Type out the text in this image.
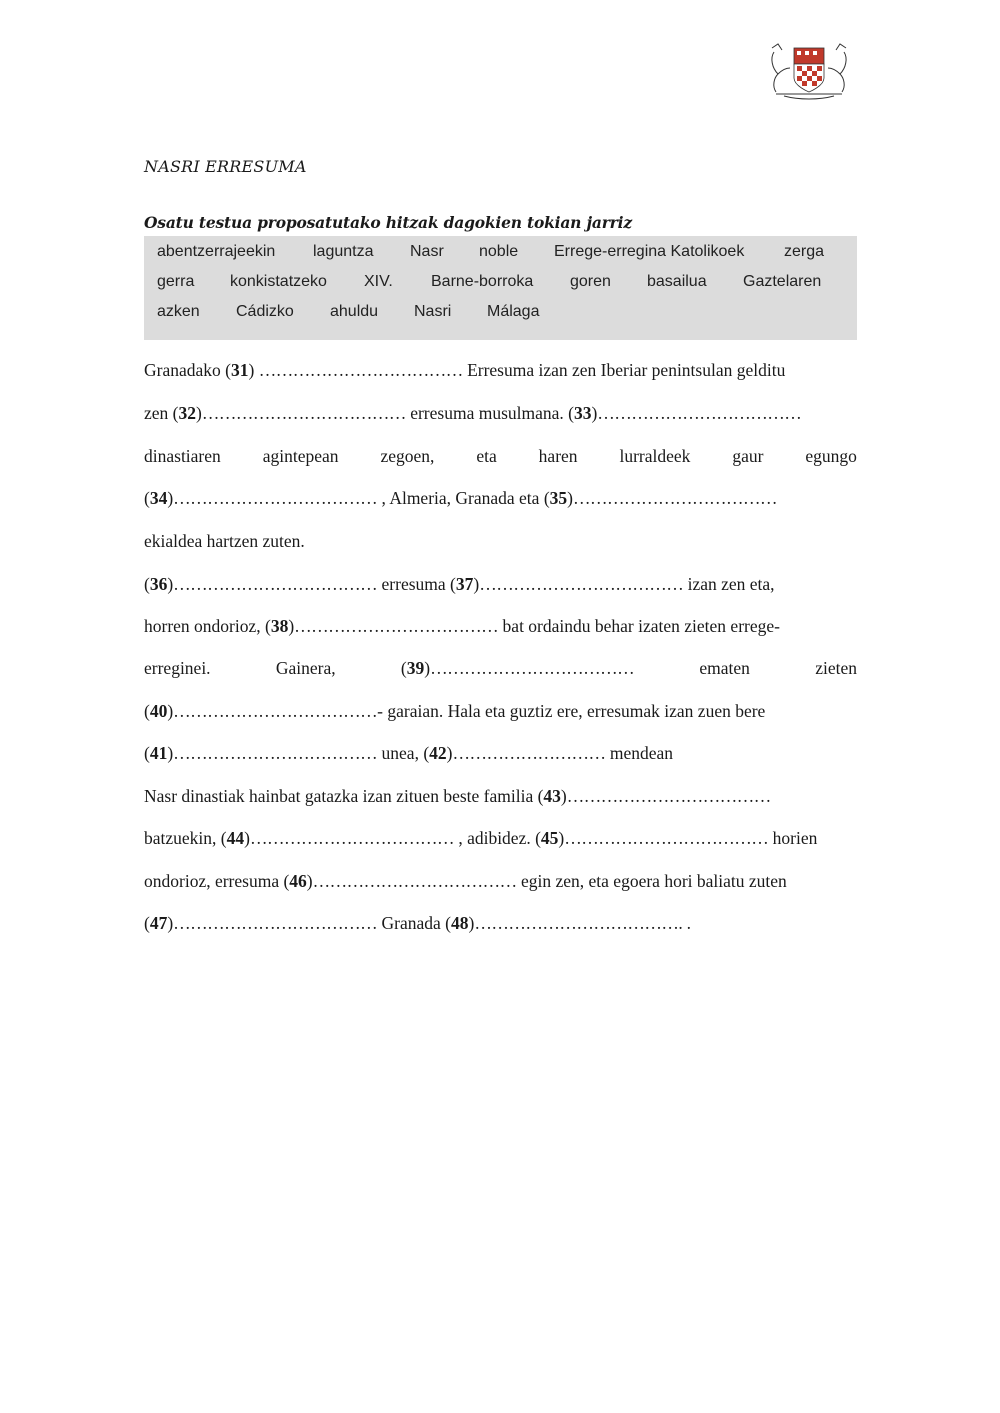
NASRI ERRESUMA
Osatu testua proposatutako hitzak dagokien tokian jarriz
abentzerrajeekin laguntza Nasr noble Errege-erregina Katolikoek zerga
gerra konkistatzeko XIV. Barne-borroka goren basailua Gaztelaren
azken Cádizko ahuldu Nasri Málaga
Granadako (31) ……………………………… Erresuma izan zen Iberiar penintsulan gelditu
zen (32)……………………………… erresuma musulmana. (33)………………………………
dinastiaren agintepean zegoen, eta haren lurraldeek gaur egungo
(34)……………………………… , Almeria, Granada eta (35)………………………………
ekialdea hartzen zuten.
(36)……………………………… erresuma (37)……………………………… izan zen eta,
horren ondorioz, (38)……………………………… bat ordaindu behar izaten zieten errege-
erreginei.	Gainera,	(39)………………………………	ematen	zieten
(40)………………………………- garaian. Hala eta guztiz ere, erresumak izan zuen bere
(41)……………………………… unea, (42)……………………… mendean
Nasr dinastiak hainbat gatazka izan zituen beste familia (43)………………………………
batzuekin, (44)……………………………… , adibidez. (45)……………………………… horien
ondorioz, erresuma (46)……………………………… egin zen, eta egoera hori baliatu zuten
(47)……………………………… Granada (48)………………………………. .
